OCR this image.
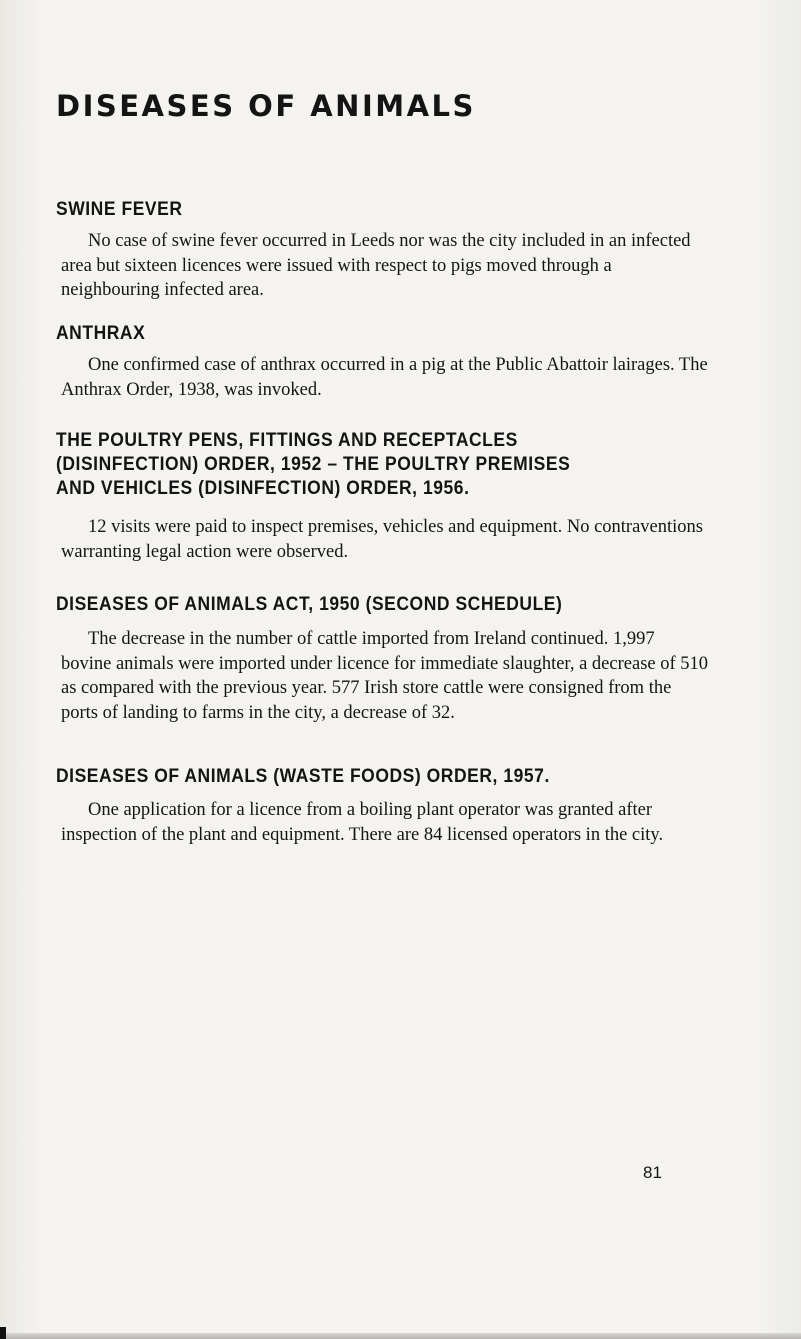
DISEASES OF ANIMALS
SWINE FEVER

No case of swine fever occurred in Leeds nor was the city included in an infected area but sixteen licences were issued with respect to pigs moved through a neighbouring infected area.

ANTHRAX

One confirmed case of anthrax occurred in a pig at the Public Abattoir lairages. The Anthrax Order, 1938, was invoked.

THE POULTRY PENS, FITTINGS AND RECEPTACLES
(DISINFECTION) ORDER, 1952 – THE POULTRY PREMISES
AND VEHICLES (DISINFECTION) ORDER, 1956.

12 visits were paid to inspect premises, vehicles and equipment. No contraventions warranting legal action were observed.

DISEASES OF ANIMALS ACT, 1950 (SECOND SCHEDULE)

The decrease in the number of cattle imported from Ireland continued. 1,997 bovine animals were imported under licence for immediate slaughter, a decrease of 510 as compared with the previous year. 577 Irish store cattle were consigned from the ports of landing to farms in the city, a decrease of 32.

DISEASES OF ANIMALS (WASTE FOODS) ORDER, 1957.

One application for a licence from a boiling plant operator was granted after inspection of the plant and equipment. There are 84 licensed operators in the city.

81
